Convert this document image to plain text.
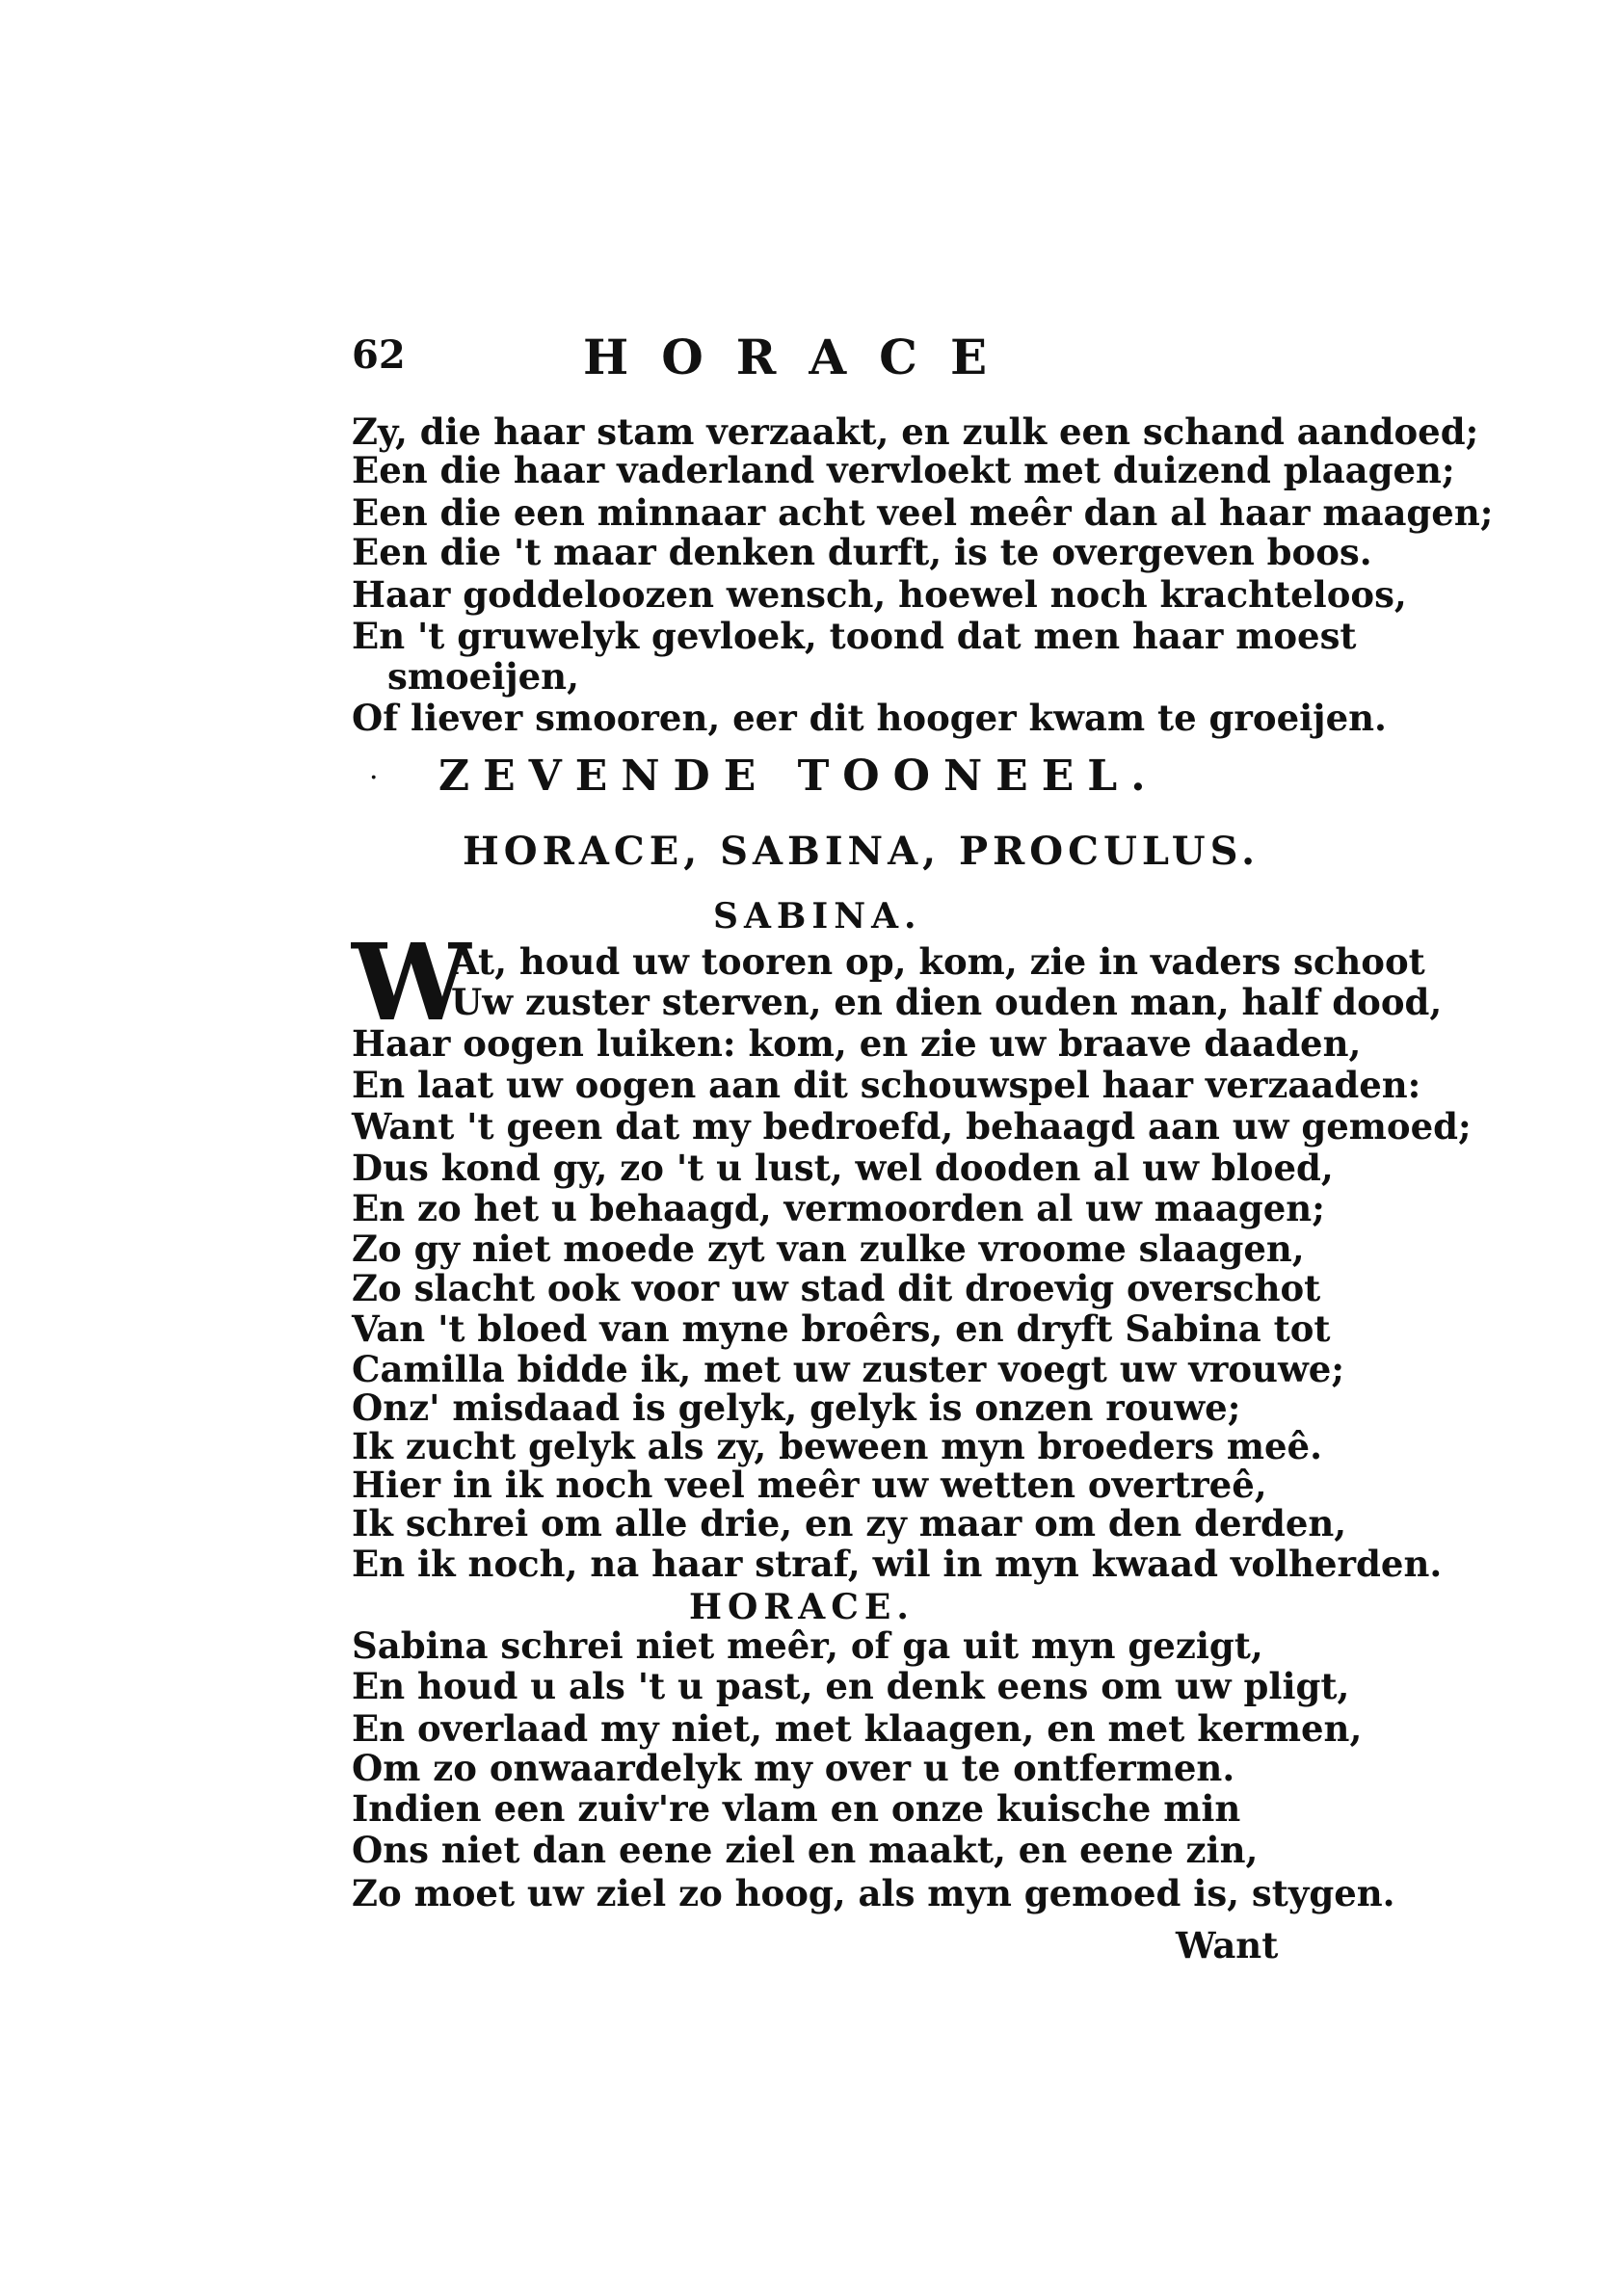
62	HORACE
Zy, die haar stam verzaakt, en zulk een schand aandoed;
Een die haar vaderland vervloekt met duizend plaagen;
Een die een minnaar acht veel meêr dan al haar maagen;
Een die 't maar denken durft, is te overgeven boos.
Haar goddeloozen wensch, hoewel noch krachteloos,
En 't gruwelyk gevloek, toond dat men haar moest
smoeijen,
Of liever smooren, eer dit hooger kwam te groeijen.
· ZEVENDE TOONEEL.
HORACE, SABINA, PROCULUS.
SABINA.
W
At, houd uw tooren op, kom, zie in vaders schoot
Uw zuster sterven, en dien ouden man, half dood,
Haar oogen luiken: kom, en zie uw braave daaden,
En laat uw oogen aan dit schouwspel haar verzaaden:
Want 't geen dat my bedroefd, behaagd aan uw gemoed;
Dus kond gy, zo 't u lust, wel dooden al uw bloed,
En zo het u behaagd, vermoorden al uw maagen;
Zo gy niet moede zyt van zulke vroome slaagen,
Zo slacht ook voor uw stad dit droevig overschot
Van 't bloed van myne broêrs, en dryft Sabina tot
Camilla bidde ik, met uw zuster voegt uw vrouwe;
Onz' misdaad is gelyk, gelyk is onzen rouwe;
Ik zucht gelyk als zy, beween myn broeders meê.
Hier in ik noch veel meêr uw wetten overtreê,
Ik schrei om alle drie, en zy maar om den derden,
En ik noch, na haar straf, wil in myn kwaad volherden.
HORACE.
Sabina schrei niet meêr, of ga uit myn gezigt,
En houd u als 't u past, en denk eens om uw pligt,
En overlaad my niet, met klaagen, en met kermen,
Om zo onwaardelyk my over u te ontfermen.
Indien een zuiv're vlam en onze kuische min
Ons niet dan eene ziel en maakt, en eene zin,
Zo moet uw ziel zo hoog, als myn gemoed is, stygen.
Want
